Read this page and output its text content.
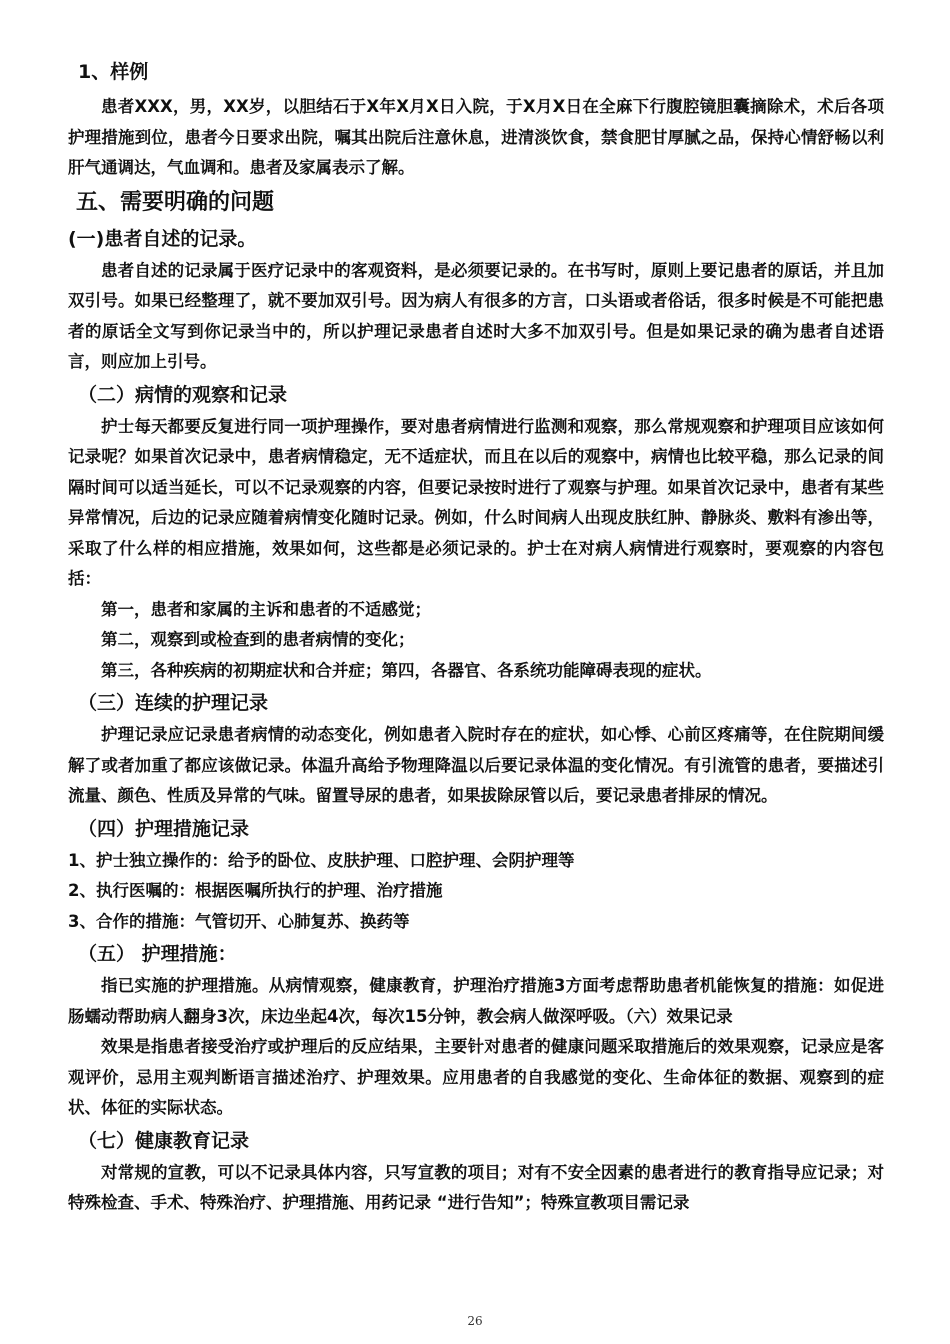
1、样例

患者XXX，男，XX岁，以胆结石于X年X月X日入院，于X月X日在全麻下行腹腔镜胆囊摘除术，术后各项护理措施到位，患者今日要求出院，嘱其出院后注意休息，进清淡饮食，禁食肥甘厚腻之品，保持心情舒畅以利肝气通调达，气血调和。患者及家属表示了解。

五、需要明确的问题
(一)患者自述的记录。

患者自述的记录属于医疗记录中的客观资料，是必须要记录的。在书写时，原则上要记患者的原话，并且加双引号。如果已经整理了，就不要加双引号。因为病人有很多的方言，口头语或者俗话，很多时候是不可能把患者的原话全文写到你记录当中的，所以护理记录患者自述时大多不加双引号。但是如果记录的确为患者自述语言，则应加上引号。

（二）病情的观察和记录

护士每天都要反复进行同一项护理操作，要对患者病情进行监测和观察，那么常规观察和护理项目应该如何记录呢？如果首次记录中，患者病情稳定，无不适症状，而且在以后的观察中，病情也比较平稳，那么记录的间隔时间可以适当延长，可以不记录观察的内容，但要记录按时进行了观察与护理。如果首次记录中，患者有某些异常情况，后边的记录应随着病情变化随时记录。例如，什么时间病人出现皮肤红肿、静脉炎、敷料有渗出等，采取了什么样的相应措施，效果如何，这些都是必须记录的。护士在对病人病情进行观察时，要观察的内容包括：

第一，患者和家属的主诉和患者的不适感觉；

第二，观察到或检查到的患者病情的变化；

第三，各种疾病的初期症状和合并症；第四，各器官、各系统功能障碍表现的症状。

（三）连续的护理记录

护理记录应记录患者病情的动态变化，例如患者入院时存在的症状，如心悸、心前区疼痛等，在住院期间缓解了或者加重了都应该做记录。体温升高给予物理降温以后要记录体温的变化情况。有引流管的患者，要描述引流量、颜色、性质及异常的气味。留置导尿的患者，如果拔除尿管以后，要记录患者排尿的情况。

（四）护理措施记录

1、护士独立操作的：给予的卧位、皮肤护理、口腔护理、会阴护理等

2、执行医嘱的：根据医嘱所执行的护理、治疗措施

3、合作的措施：气管切开、心肺复苏、换药等

（五） 护理措施：

指已实施的护理措施。从病情观察，健康教育，护理治疗措施3方面考虑帮助患者机能恢复的措施：如促进肠蠕动帮助病人翻身3次，床边坐起4次，每次15分钟，教会病人做深呼吸。（六）效果记录

效果是指患者接受治疗或护理后的反应结果，主要针对患者的健康问题采取措施后的效果观察，记录应是客观评价，忌用主观判断语言描述治疗、护理效果。应用患者的自我感觉的变化、生命体征的数据、观察到的症状、体征的实际状态。

（七）健康教育记录

对常规的宣教，可以不记录具体内容，只写宣教的项目；对有不安全因素的患者进行的教育指导应记录；对特殊检查、手术、特殊治疗、护理措施、用药记录 “进行告知”；特殊宣教项目需记录

26
